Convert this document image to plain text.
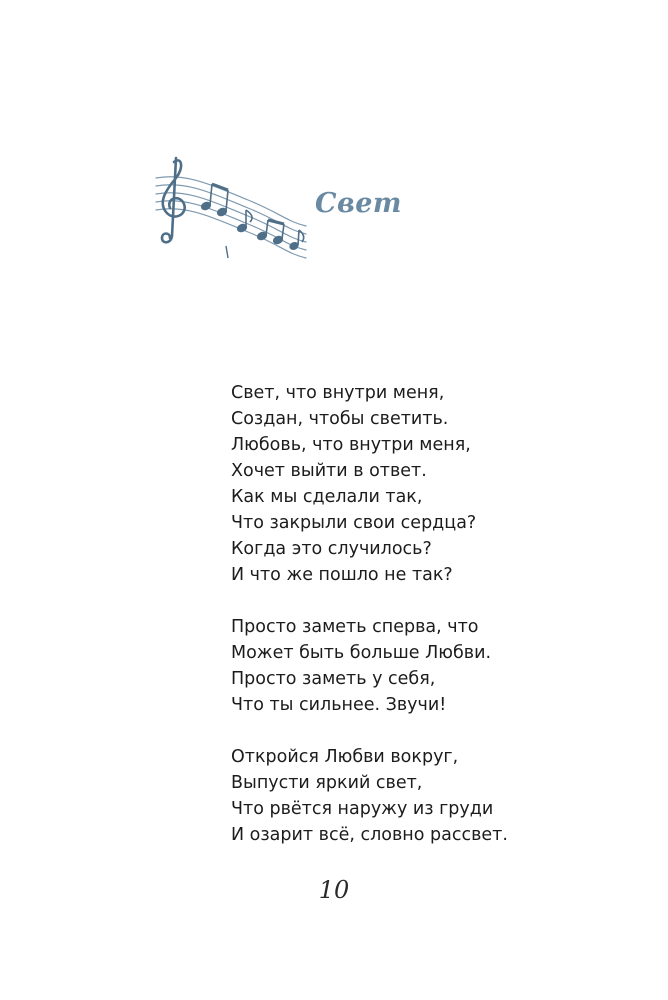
Свет
Свет, что внутри меня,
Создан, чтобы светить.
Любовь, что внутри меня,
Хочет выйти в ответ.
Как мы сделали так,
Что закрыли свои сердца?
Когда это случилось?
И что же пошло не так?
Просто заметь сперва, что
Может быть больше Любви.
Просто заметь у себя,
Что ты сильнее. Звучи!
Откройся Любви вокруг,
Выпусти яркий свет,
Что рвётся наружу из груди
И озарит всё, словно рассвет.
10
